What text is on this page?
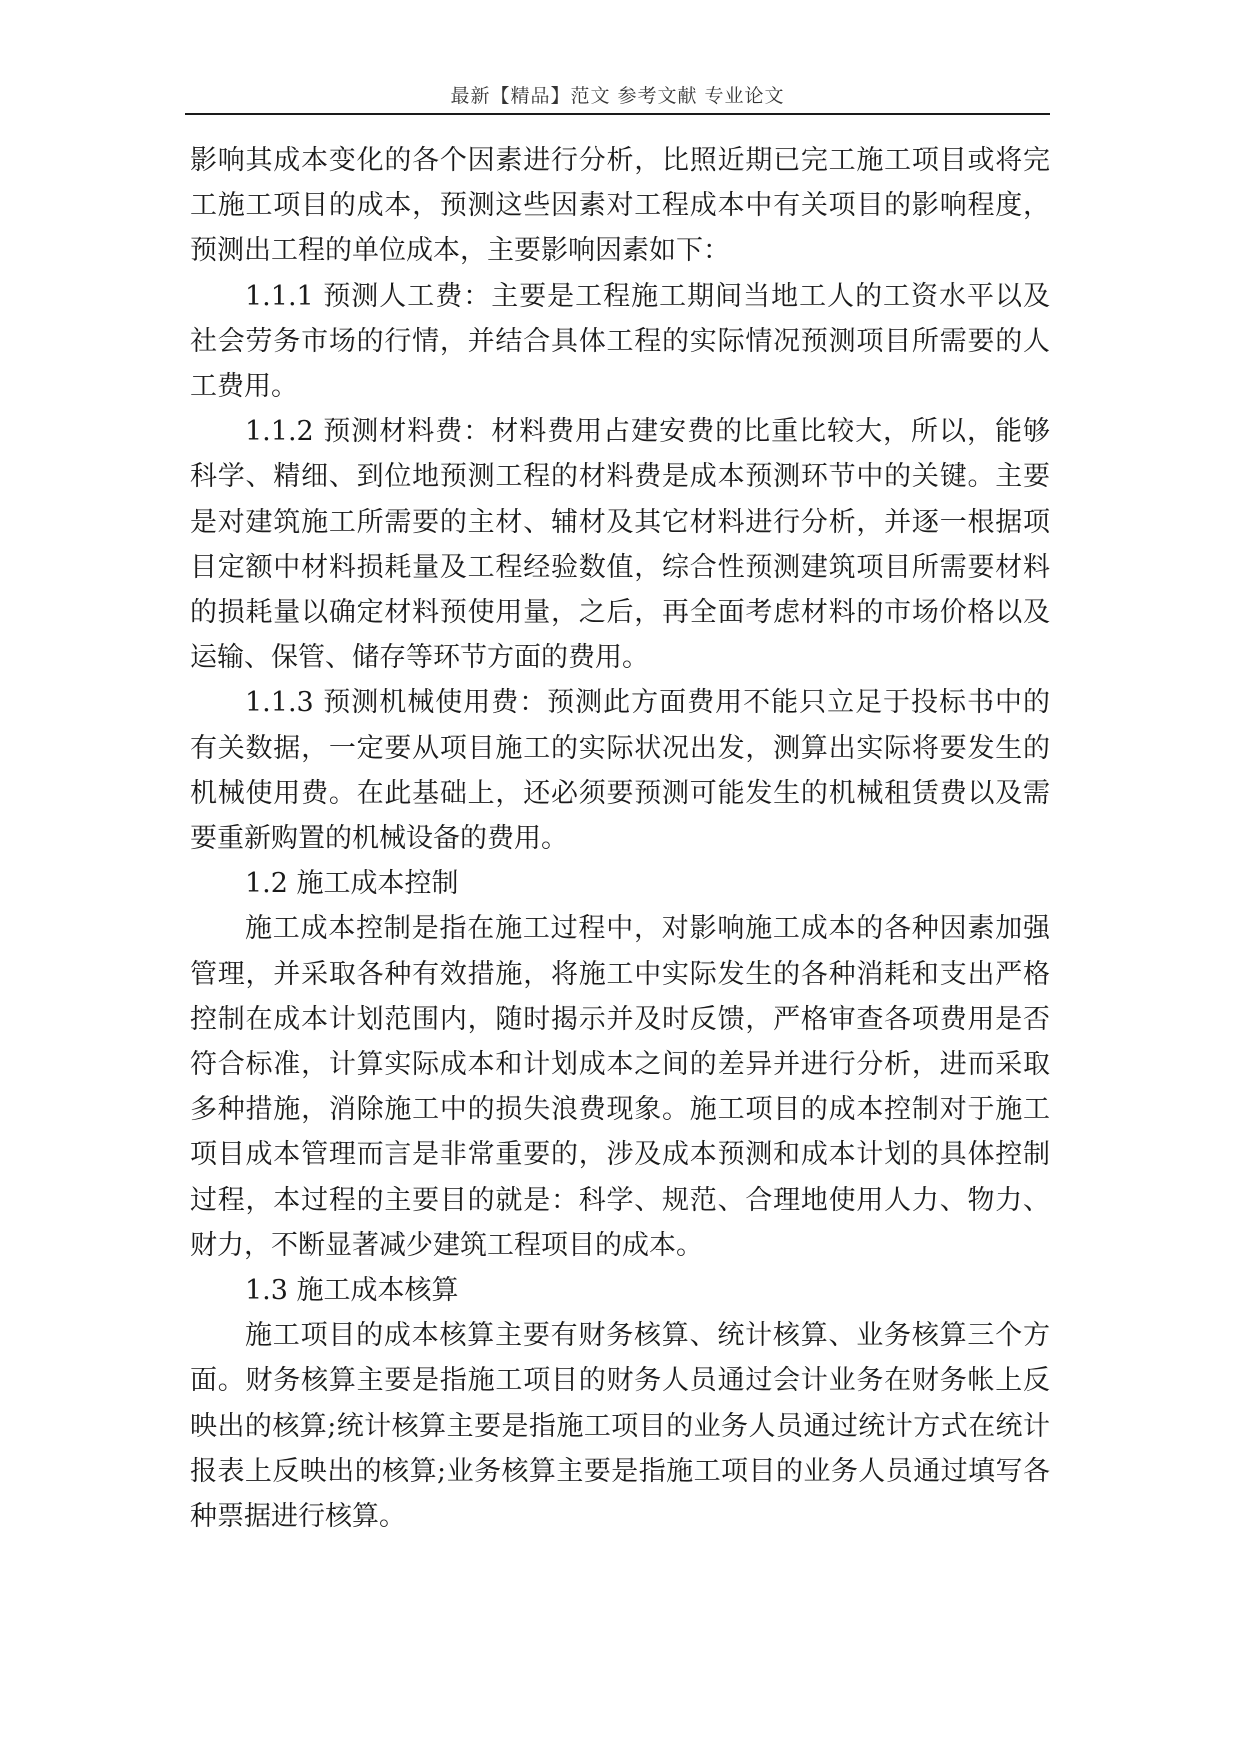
最新【精品】范文 参考文献 专业论文

影响其成本变化的各个因素进行分析，比照近期已完工施工项目或将完工施工项目的成本，预测这些因素对工程成本中有关项目的影响程度，预测出工程的单位成本，主要影响因素如下：

1.1.1 预测人工费：主要是工程施工期间当地工人的工资水平以及社会劳务市场的行情，并结合具体工程的实际情况预测项目所需要的人工费用。

1.1.2 预测材料费：材料费用占建安费的比重比较大，所以，能够科学、精细、到位地预测工程的材料费是成本预测环节中的关键。主要是对建筑施工所需要的主材、辅材及其它材料进行分析，并逐一根据项目定额中材料损耗量及工程经验数值，综合性预测建筑项目所需要材料的损耗量以确定材料预使用量，之后，再全面考虑材料的市场价格以及运输、保管、储存等环节方面的费用。

1.1.3 预测机械使用费：预测此方面费用不能只立足于投标书中的有关数据，一定要从项目施工的实际状况出发，测算出实际将要发生的机械使用费。在此基础上，还必须要预测可能发生的机械租赁费以及需要重新购置的机械设备的费用。

1.2 施工成本控制

施工成本控制是指在施工过程中，对影响施工成本的各种因素加强管理，并采取各种有效措施，将施工中实际发生的各种消耗和支出严格控制在成本计划范围内，随时揭示并及时反馈，严格审查各项费用是否符合标准，计算实际成本和计划成本之间的差异并进行分析，进而采取多种措施，消除施工中的损失浪费现象。施工项目的成本控制对于施工项目成本管理而言是非常重要的，涉及成本预测和成本计划的具体控制过程，本过程的主要目的就是：科学、规范、合理地使用人力、物力、财力，不断显著减少建筑工程项目的成本。

1.3 施工成本核算

施工项目的成本核算主要有财务核算、统计核算、业务核算三个方面。财务核算主要是指施工项目的财务人员通过会计业务在财务帐上反映出的核算;统计核算主要是指施工项目的业务人员通过统计方式在统计报表上反映出的核算;业务核算主要是指施工项目的业务人员通过填写各种票据进行核算。
